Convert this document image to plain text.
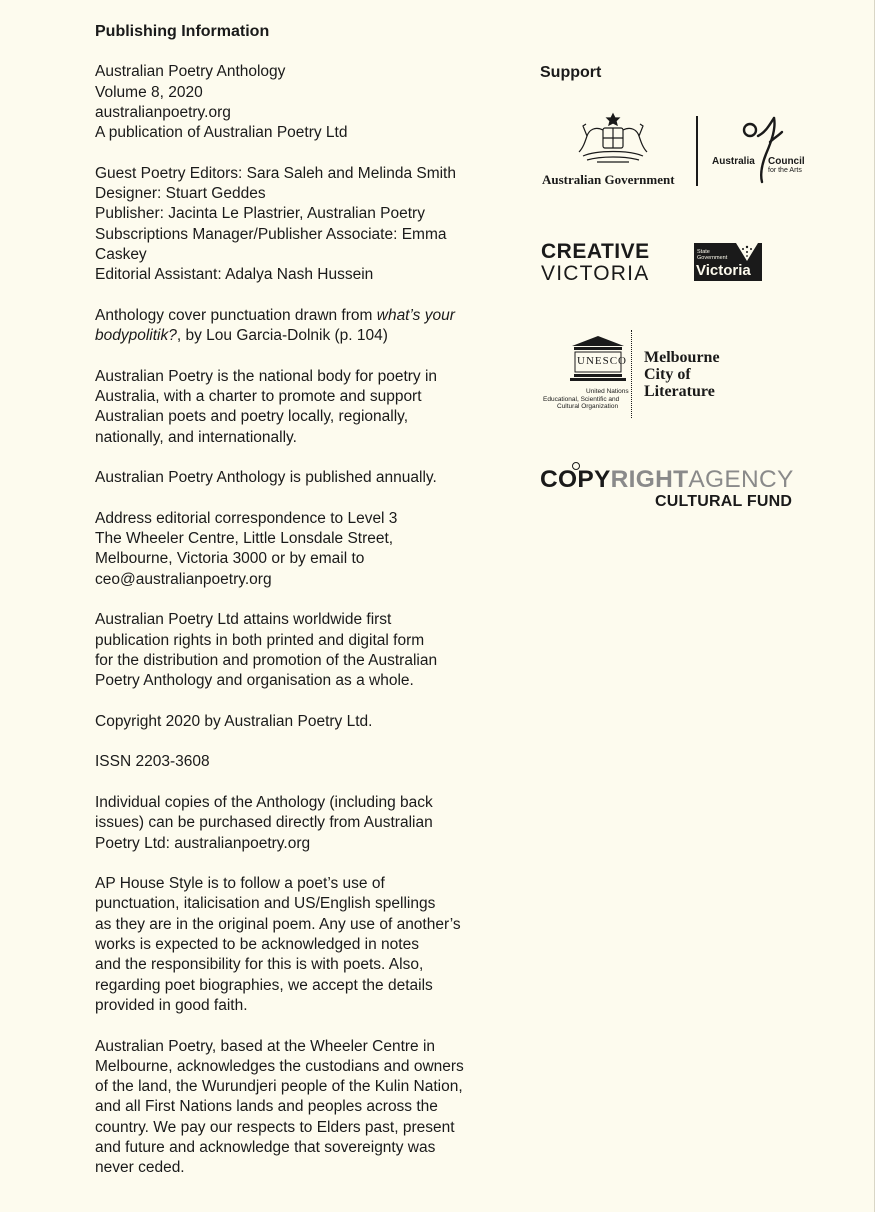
Publishing Information
Australian Poetry Anthology
Volume 8, 2020
australianpoetry.org
A publication of Australian Poetry Ltd
Guest Poetry Editors: Sara Saleh and Melinda Smith
Designer: Stuart Geddes
Publisher: Jacinta Le Plastrier, Australian Poetry
Subscriptions Manager/Publisher Associate: Emma
Caskey
Editorial Assistant: Adalya Nash Hussein
Anthology cover punctuation drawn from what’s your
bodypolitik?, by Lou Garcia-Dolnik (p. 104)
Australian Poetry is the national body for poetry in
Australia, with a charter to promote and support
Australian poets and poetry locally, regionally,
nationally, and internationally.
Australian Poetry Anthology is published annually.
Address editorial correspondence to Level 3
The Wheeler Centre, Little Lonsdale Street,
Melbourne, Victoria 3000 or by email to
ceo@australianpoetry.org
Australian Poetry Ltd attains worldwide first
publication rights in both printed and digital form
for the distribution and promotion of the Australian
Poetry Anthology and organisation as a whole.
Copyright 2020 by Australian Poetry Ltd.
ISSN 2203-3608
Individual copies of the Anthology (including back
issues) can be purchased directly from Australian
Poetry Ltd: australianpoetry.org
AP House Style is to follow a poet’s use of
punctuation, italicisation and US/English spellings
as they are in the original poem. Any use of another’s
works is expected to be acknowledged in notes
and the responsibility for this is with poets. Also,
regarding poet biographies, we accept the details
provided in good faith.
Australian Poetry, based at the Wheeler Centre in
Melbourne, acknowledges the custodians and owners
of the land, the Wurundjeri people of the Kulin Nation,
and all First Nations lands and peoples across the
country. We pay our respects to Elders past, present
and future and acknowledge that sovereignty was
never ceded.
Support
Australian Government
Australia Council
for the Arts
CREATIVE
VICTORIA
State
Government
Victoria
UNESCO
United Nations
Educational, Scientific and
Cultural Organization
Melbourne
City of
Literature
COPYRIGHTAGENCY
CULTURAL FUND
